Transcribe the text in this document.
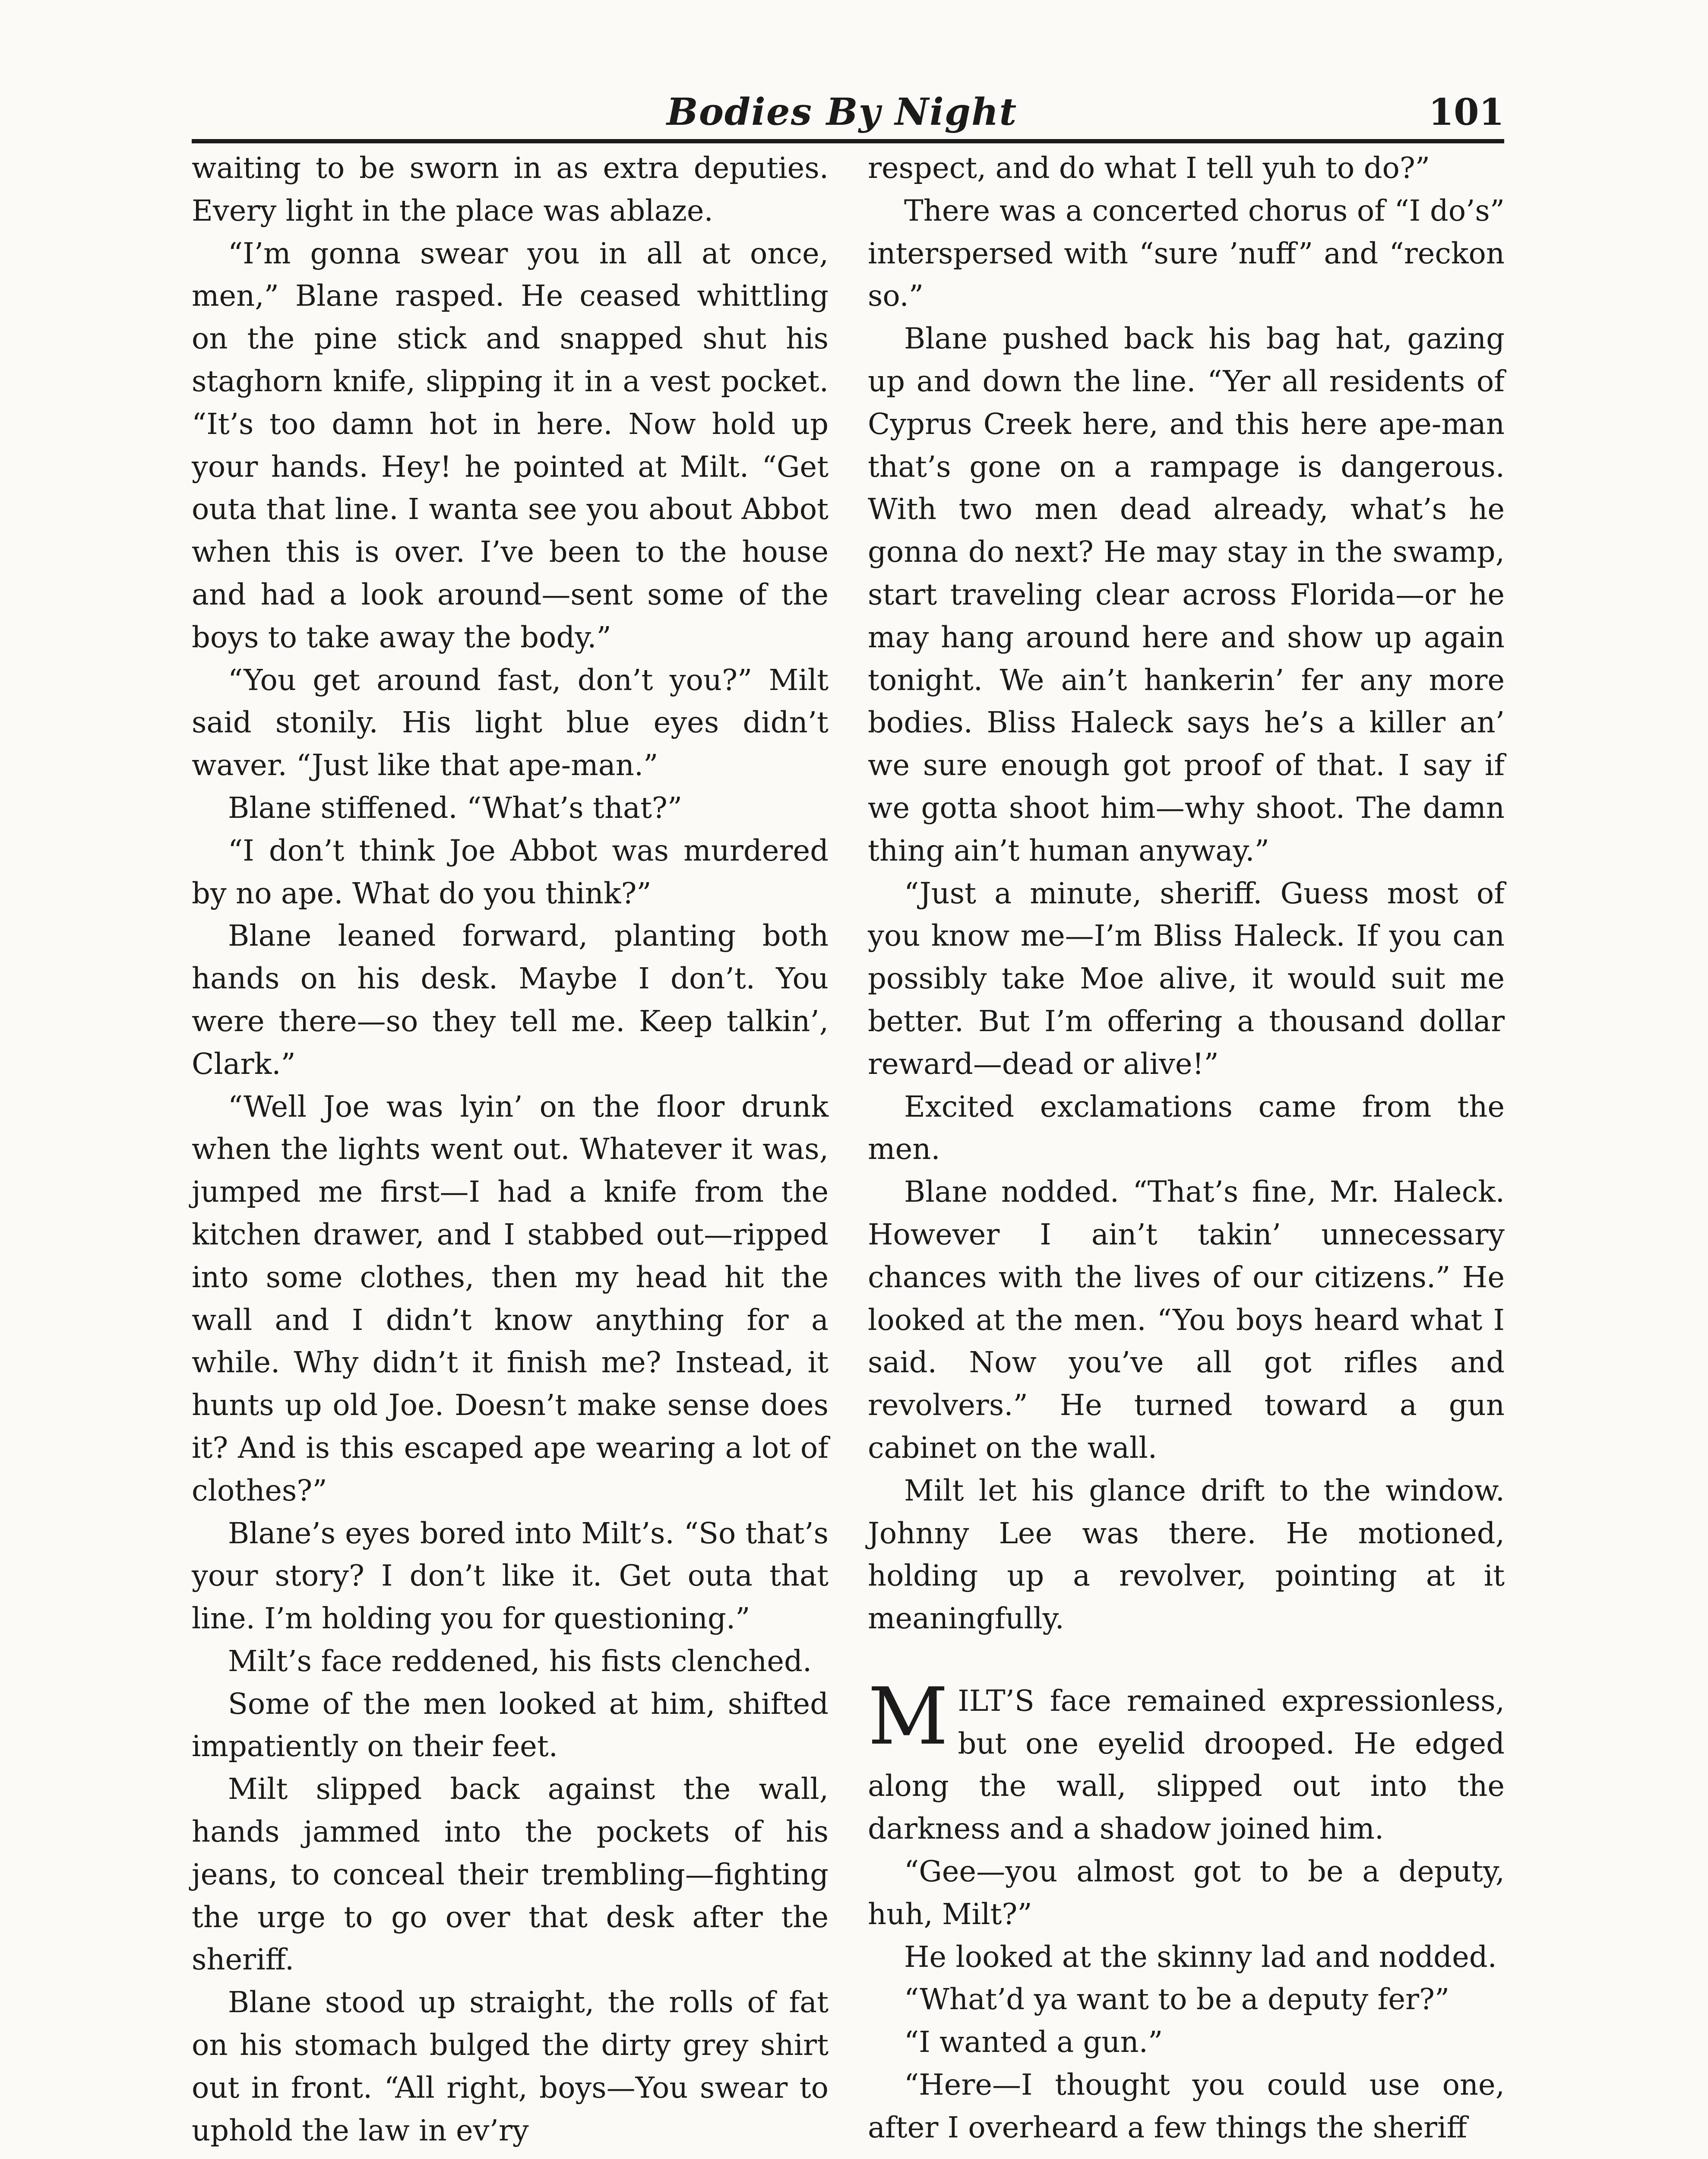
Bodies By Night	101

waiting to be sworn in as extra deputies. Every light in the place was ablaze.

“I’m gonna swear you in all at once, men,” Blane rasped. He ceased whittling on the pine stick and snapped shut his staghorn knife, slipping it in a vest pocket. “It’s too damn hot in here. Now hold up your hands. Hey! he pointed at Milt. “Get outa that line. I wanta see you about Abbot when this is over. I’ve been to the house and had a look around—sent some of the boys to take away the body.”

“You get around fast, don’t you?” Milt said stonily. His light blue eyes didn’t waver. “Just like that ape-man.”

Blane stiffened. “What’s that?”

“I don’t think Joe Abbot was murdered by no ape. What do you think?”

Blane leaned forward, planting both hands on his desk. Maybe I don’t. You were there—so they tell me. Keep talkin’, Clark.”

“Well Joe was lyin’ on the floor drunk when the lights went out. Whatever it was, jumped me first—I had a knife from the kitchen drawer, and I stabbed out—ripped into some clothes, then my head hit the wall and I didn’t know anything for a while. Why didn’t it finish me? Instead, it hunts up old Joe. Doesn’t make sense does it? And is this escaped ape wearing a lot of clothes?”

Blane’s eyes bored into Milt’s. “So that’s your story? I don’t like it. Get outa that line. I’m holding you for questioning.”

Milt’s face reddened, his fists clenched.

Some of the men looked at him, shifted impatiently on their feet.

Milt slipped back against the wall, hands jammed into the pockets of his jeans, to conceal their trembling—fighting the urge to go over that desk after the sheriff.

Blane stood up straight, the rolls of fat on his stomach bulged the dirty grey shirt out in front. “All right, boys—You swear to uphold the law in ev’ry

respect, and do what I tell yuh to do?”

There was a concerted chorus of “I do’s” interspersed with “sure ’nuff” and “reckon so.”

Blane pushed back his bag hat, gazing up and down the line. “Yer all residents of Cyprus Creek here, and this here ape-man that’s gone on a rampage is dangerous. With two men dead already, what’s he gonna do next? He may stay in the swamp, start traveling clear across Florida—or he may hang around here and show up again tonight. We ain’t hankerin’ fer any more bodies. Bliss Haleck says he’s a killer an’ we sure enough got proof of that. I say if we gotta shoot him—why shoot. The damn thing ain’t human anyway.”

“Just a minute, sheriff. Guess most of you know me—I’m Bliss Haleck. If you can possibly take Moe alive, it would suit me better. But I’m offering a thousand dollar reward—dead or alive!”

Excited exclamations came from the men.

Blane nodded. “That’s fine, Mr. Haleck. However I ain’t takin’ unnecessary chances with the lives of our citizens.” He looked at the men. “You boys heard what I said. Now you’ve all got rifles and revolvers.” He turned toward a gun cabinet on the wall.

Milt let his glance drift to the window. Johnny Lee was there. He motioned, holding up a revolver, pointing at it meaningfully.

MILT’S face remained expressionless, but one eyelid drooped. He edged along the wall, slipped out into the darkness and a shadow joined him.

“Gee—you almost got to be a deputy, huh, Milt?”

He looked at the skinny lad and nodded.

“What’d ya want to be a deputy fer?”

“I wanted a gun.”

“Here—I thought you could use one, after I overheard a few things the sheriff
